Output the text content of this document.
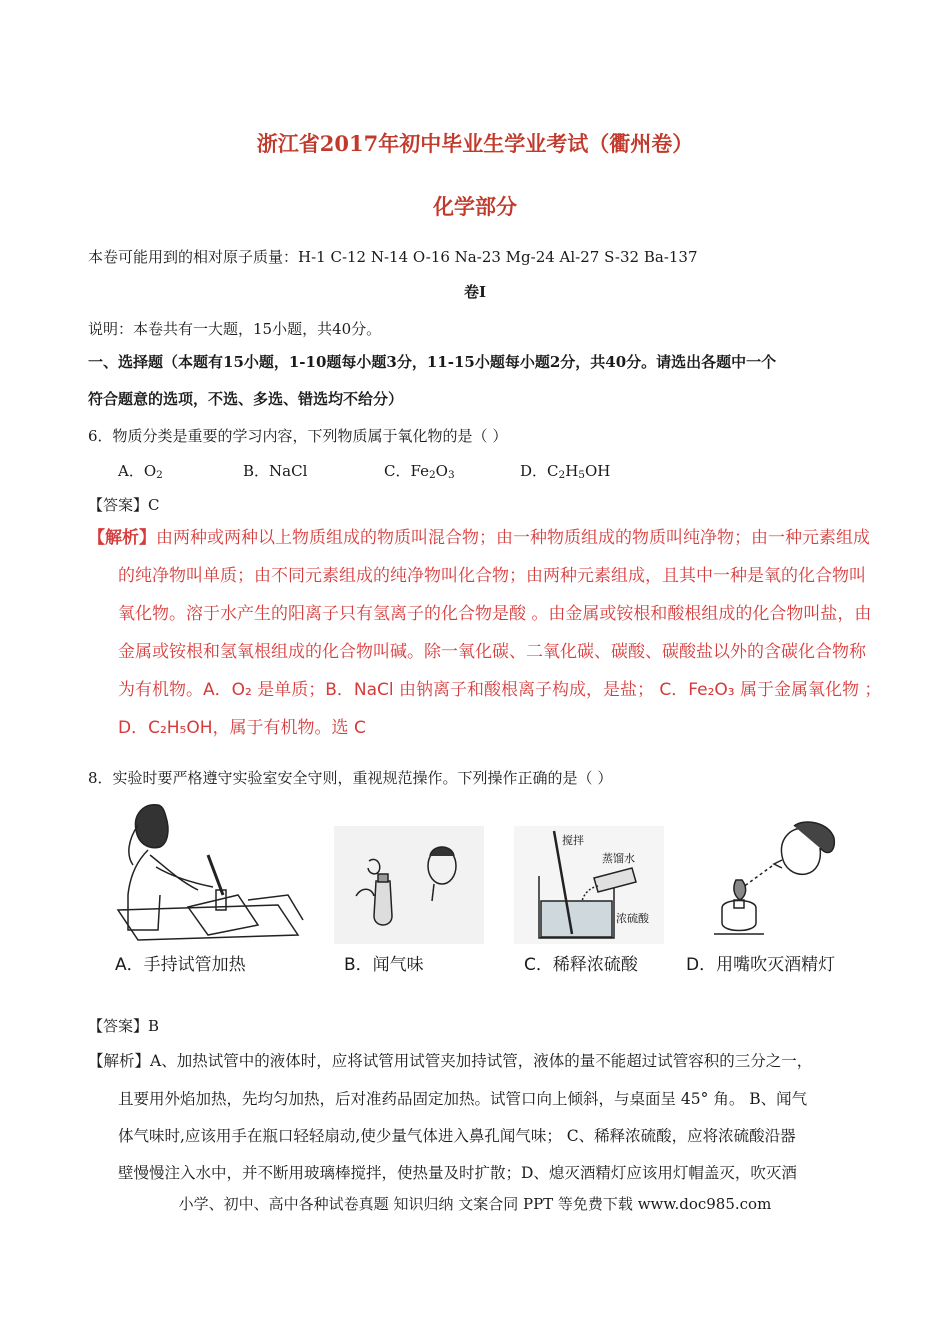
浙江省2017年初中毕业生学业考试（衢州卷）
化学部分
本卷可能用到的相对原子质量：H-1 C-12 N-14 O-16 Na-23 Mg-24 Al-27 S-32 Ba-137
卷Ⅰ
说明：本卷共有一大题，15小题，共40分。
一、选择题（本题有15小题，1-10题每小题3分，11-15小题每小题2分，共40分。请选出各题中一个
符合题意的选项，不选、多选、错选均不给分）
6．物质分类是重要的学习内容，下列物质属于氧化物的是（ ）
A．$O_2$	B．NaCl	C．$Fe_2O_3$	D．$C_2H_5OH$
【答案】C
【解析】由两种或两种以上物质组成的物质叫混合物；由一种物质组成的物质叫纯净物；由一种元素组成
的纯净物叫单质；由不同元素组成的纯净物叫化合物；由两种元素组成，且其中一种是氧的化合物叫
氧化物。溶于水产生的阳离子只有氢离子的化合物是酸 。由金属或铵根和酸根组成的化合物叫盐，由
金属或铵根和氢氧根组成的化合物叫碱。除一氧化碳、二氧化碳、碳酸、碳酸盐以外的含碳化合物称
为有机物。A．O₂ 是单质；B．NaCl 由钠离子和酸根离子构成，是盐； C．Fe₂O₃ 属于金属氧化物 ；
D．C₂H₅OH，属于有机物。选 C
8．实验时要严格遵守实验室安全守则，重视规范操作。下列操作正确的是（ ）
搅拌
蒸馏水
浓硫酸
A．手持试管加热	B．闻气味	C．稀释浓硫酸	D．用嘴吹灭酒精灯
【答案】B
【解析】A、加热试管中的液体时，应将试管用试管夹加持试管，液体的量不能超过试管容积的三分之一，
且要用外焰加热，先均匀加热，后对准药品固定加热。试管口向上倾斜，与桌面呈 45° 角。 B、闻气
体气味时,应该用手在瓶口轻轻扇动,使少量气体进入鼻孔闻气味； C、稀释浓硫酸，应将浓硫酸沿器
壁慢慢注入水中，并不断用玻璃棒搅拌，使热量及时扩散；D、熄灭酒精灯应该用灯帽盖灭，吹灭酒
小学、初中、高中各种试卷真题 知识归纳 文案合同 PPT 等免费下载 www.doc985.com
